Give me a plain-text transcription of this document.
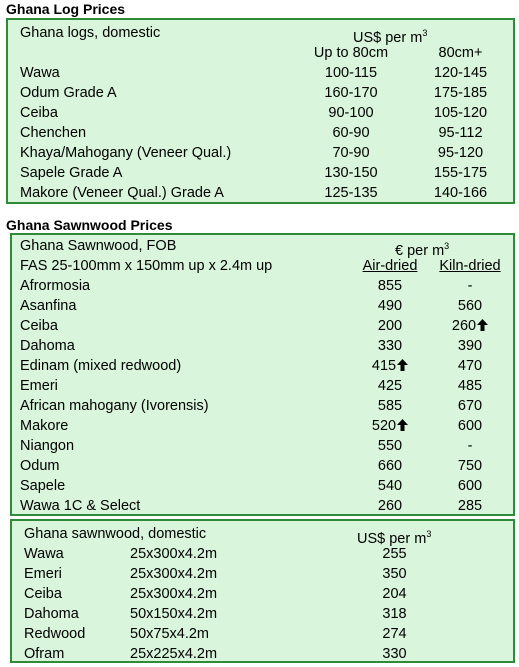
Ghana Log Prices
Ghana logs, domestic	US$ per $m^3$
Up to 80cm	80cm+
Wawa	100-115	120-145
Odum Grade A	160-170	175-185
Ceiba	90-100	105-120
Chenchen	60-90	95-112
Khaya/Mahogany (Veneer Qual.)	70-90	95-120
Sapele Grade A	130-150	155-175
Makore (Veneer Qual.) Grade A	125-135	140-166
Ghana Sawnwood Prices
Ghana Sawnwood, FOB	€ per $m^3$
FAS 25-100mm x 150mm up x 2.4m up	Air-dried	Kiln-dried
Afrormosia	855	-
Asanfina	490	560
Ceiba	200	260
Dahoma	330	390
Edinam (mixed redwood)	415	470
Emeri	425	485
African mahogany (Ivorensis)	585	670
Makore	520	600
Niangon	550	-
Odum	660	750
Sapele	540	600
Wawa 1C & Select	260	285
Ghana sawnwood, domestic	US$ per $m^3$
Wawa	25x300x4.2m	255
Emeri	25x300x4.2m	350
Ceiba	25x300x4.2m	204
Dahoma	50x150x4.2m	318
Redwood	50x75x4.2m	274
Ofram	25x225x4.2m	330
